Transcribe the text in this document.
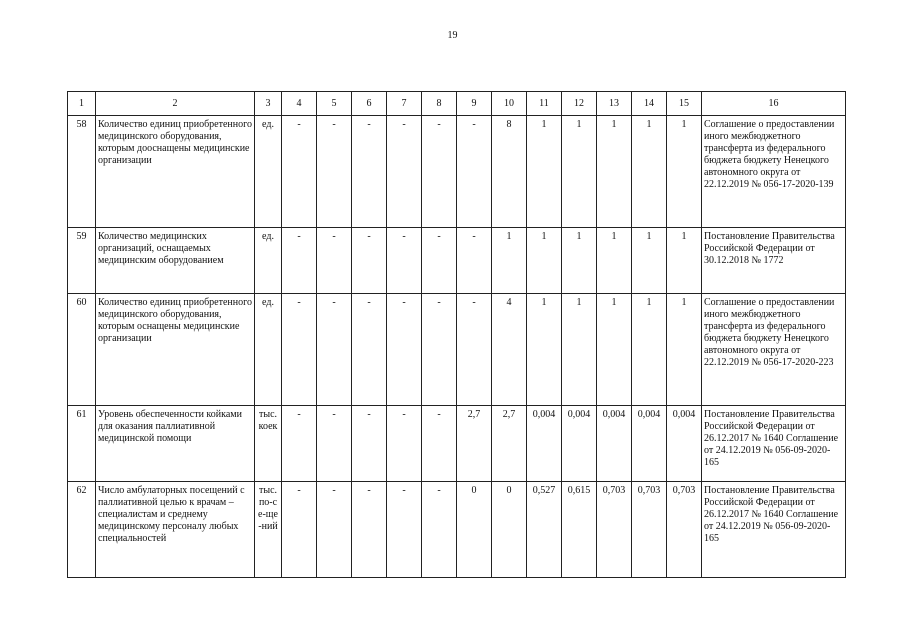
19
1	2	3	4	5	6	7	8	9	10	11	12	13	14	15	16
58	Количество единиц приобретенного медицинского оборудования, которым дооснащены медицинские организации	ед.	-	-	-	-	-	-	8	1	1	1	1	1	Соглашение о предоставлении иного межбюджетного трансферта из федерального бюджета бюджету Ненецкого автономного округа от 22.12.2019 № 056-17-2020-139
59	Количество медицинских организаций, оснащаемых медицинским оборудованием	ед.	-	-	-	-	-	-	1	1	1	1	1	1	Постановление Правительства Российской Федерации от 30.12.2018 № 1772
60	Количество единиц приобретенного медицинского оборудования, которым оснащены медицинские организации	ед.	-	-	-	-	-	-	4	1	1	1	1	1	Соглашение о предоставлении иного межбюджетного трансферта из федерального бюджета бюджету Ненецкого автономного округа от 22.12.2019 № 056-17-2020-223
61	Уровень обеспеченности койками для оказания паллиативной медицинской помощи	тыс. коек	-	-	-	-	-	2,7	2,7	0,004	0,004	0,004	0,004	0,004	Постановление Правительства Российской Федерации от 26.12.2017 № 1640 Соглашение от 24.12.2019 № 056-09-2020-165
62	Число амбулаторных посещений с паллиативной целью к врачам – специалистам и среднему медицинскому персоналу любых специальностей	тыс. по-се-ще-ний	-	-	-	-	-	0	0	0,527	0,615	0,703	0,703	0,703	Постановление Правительства Российской Федерации от 26.12.2017 № 1640 Соглашение от 24.12.2019 № 056-09-2020-165
